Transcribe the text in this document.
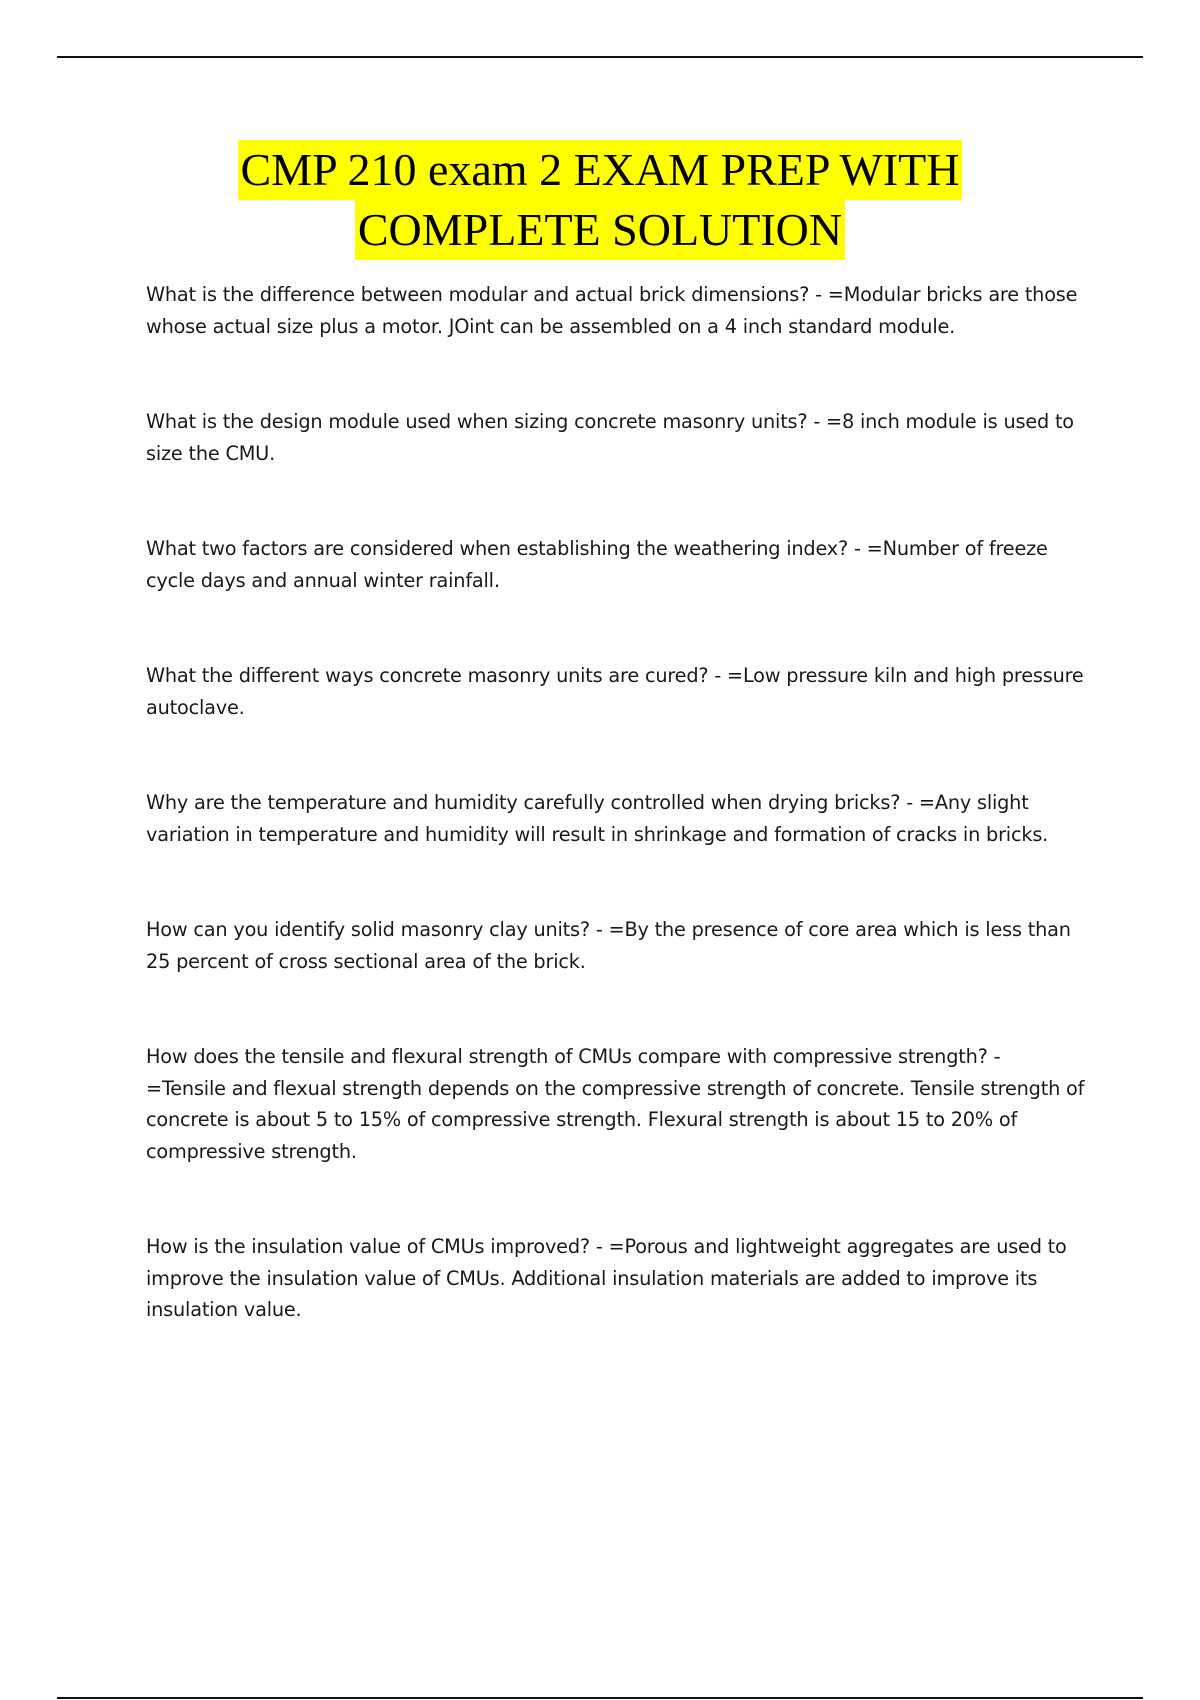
CMP 210 exam 2 EXAM PREP WITH
COMPLETE SOLUTION

What is the difference between modular and actual brick dimensions? - =Modular bricks are those whose actual size plus a motor. JOint can be assembled on a 4 inch standard module.

What is the design module used when sizing concrete masonry units? - =8 inch module is used to size the CMU.

What two factors are considered when establishing the weathering index? - =Number of freeze cycle days and annual winter rainfall.

What the different ways concrete masonry units are cured? - =Low pressure kiln and high pressure autoclave.

Why are the temperature and humidity carefully controlled when drying bricks? - =Any slight variation in temperature and humidity will result in shrinkage and formation of cracks in bricks.

How can you identify solid masonry clay units? - =By the presence of core area which is less than 25 percent of cross sectional area of the brick.

How does the tensile and flexural strength of CMUs compare with compressive strength? - =Tensile and flexual strength depends on the compressive strength of concrete. Tensile strength of concrete is about 5 to 15% of compressive strength. Flexural strength is about 15 to 20% of compressive strength.

How is the insulation value of CMUs improved? - =Porous and lightweight aggregates are used to improve the insulation value of CMUs. Additional insulation materials are added to improve its insulation value.
